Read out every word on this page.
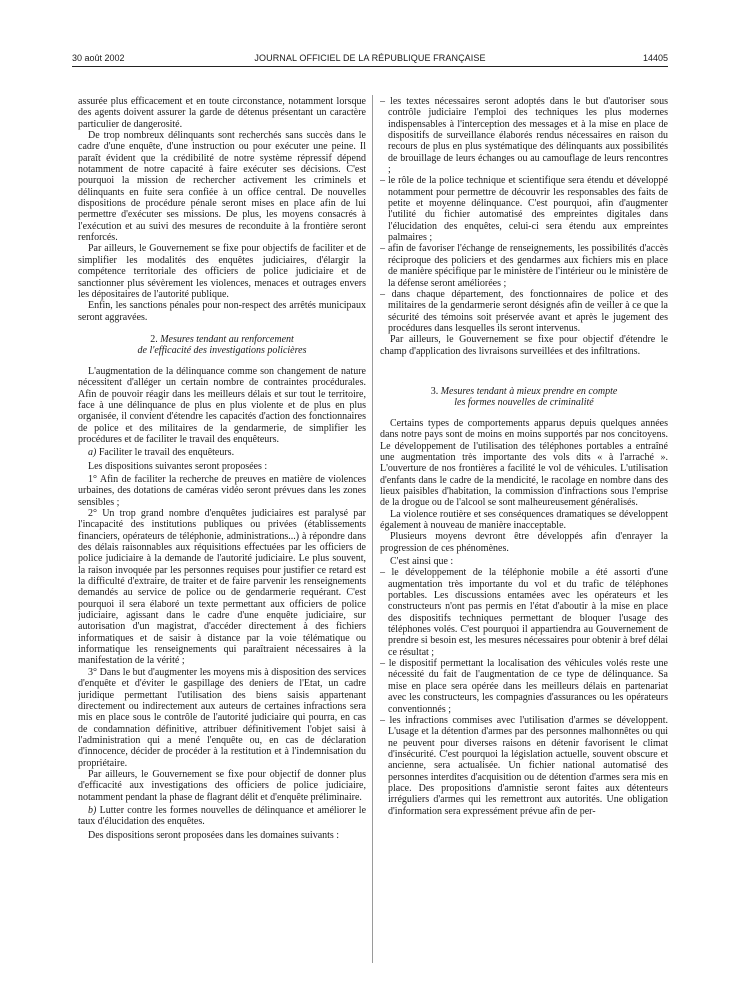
30 août 2002	JOURNAL OFFICIEL DE LA RÉPUBLIQUE FRANÇAISE	14405

assurée plus efficacement et en toute circonstance, notamment lorsque des agents doivent assurer la garde de détenus présentant un caractère particulier de dangerosité.

De trop nombreux délinquants sont recherchés sans succès dans le cadre d'une enquête, d'une instruction ou pour exécuter une peine. Il paraît évident que la crédibilité de notre système répressif dépend notamment de notre capacité à faire exécuter ses décisions. C'est pourquoi la mission de rechercher activement les criminels et délinquants en fuite sera confiée à un office central. De nouvelles dispositions de procédure pénale seront mises en place afin de lui permettre d'exécuter ses missions. De plus, les moyens consacrés à l'exécution et au suivi des mesures de reconduite à la frontière seront renforcés.

Par ailleurs, le Gouvernement se fixe pour objectifs de faciliter et de simplifier les modalités des enquêtes judiciaires, d'élargir la compétence territoriale des officiers de police judiciaire et de sanctionner plus sévèrement les violences, menaces et outrages envers les dépositaires de l'autorité publique.

Enfin, les sanctions pénales pour non-respect des arrêtés municipaux seront aggravées.

2. Mesures tendant au renforcement
de l'efficacité des investigations policières

L'augmentation de la délinquance comme son changement de nature nécessitent d'alléger un certain nombre de contraintes procédurales. Afin de pouvoir réagir dans les meilleurs délais et sur tout le territoire, face à une délinquance de plus en plus violente et de plus en plus organisée, il convient d'étendre les capacités d'action des fonctionnaires de police et des militaires de la gendarmerie, de simplifier les procédures et de faciliter le travail des enquêteurs.

a) Faciliter le travail des enquêteurs.

Les dispositions suivantes seront proposées :

1° Afin de faciliter la recherche de preuves en matière de violences urbaines, des dotations de caméras vidéo seront prévues dans les zones sensibles ;

2° Un trop grand nombre d'enquêtes judiciaires est paralysé par l'incapacité des institutions publiques ou privées (établissements financiers, opérateurs de téléphonie, administrations...) à répondre dans des délais raisonnables aux réquisitions effectuées par les officiers de police judiciaire à la demande de l'autorité judiciaire. Le plus souvent, la raison invoquée par les personnes requises pour justifier ce retard est la difficulté d'extraire, de traiter et de faire parvenir les renseignements demandés au service de police ou de gendarmerie requérant. C'est pourquoi il sera élaboré un texte permettant aux officiers de police judiciaire, agissant dans le cadre d'une enquête judiciaire, sur autorisation d'un magistrat, d'accéder directement à des fichiers informatiques et de saisir à distance par la voie télématique ou informatique les renseignements qui paraîtraient nécessaires à la manifestation de la vérité ;

3° Dans le but d'augmenter les moyens mis à disposition des services d'enquête et d'éviter le gaspillage des deniers de l'Etat, un cadre juridique permettant l'utilisation des biens saisis appartenant directement ou indirectement aux auteurs de certaines infractions sera mis en place sous le contrôle de l'autorité judiciaire qui pourra, en cas de condamnation définitive, attribuer définitivement l'objet saisi à l'administration qui a mené l'enquête ou, en cas de déclaration d'innocence, décider de procéder à la restitution et à l'indemnisation du propriétaire.

Par ailleurs, le Gouvernement se fixe pour objectif de donner plus d'efficacité aux investigations des officiers de police judiciaire, notamment pendant la phase de flagrant délit et d'enquête préliminaire.

b) Lutter contre les formes nouvelles de délinquance et améliorer le taux d'élucidation des enquêtes.

Des dispositions seront proposées dans les domaines suivants :

– les textes nécessaires seront adoptés dans le but d'autoriser sous contrôle judiciaire l'emploi des techniques les plus modernes indispensables à l'interception des messages et à la mise en place de dispositifs de surveillance élaborés rendus nécessaires en raison du recours de plus en plus systématique des délinquants aux possibilités de brouillage de leurs échanges ou au camouflage de leurs rencontres ;

– le rôle de la police technique et scientifique sera étendu et développé notamment pour permettre de découvrir les responsables des faits de petite et moyenne délinquance. C'est pourquoi, afin d'augmenter l'utilité du fichier automatisé des empreintes digitales dans l'élucidation des enquêtes, celui-ci sera étendu aux empreintes palmaires ;

– afin de favoriser l'échange de renseignements, les possibilités d'accès réciproque des policiers et des gendarmes aux fichiers mis en place de manière spécifique par le ministère de l'intérieur ou le ministère de la défense seront améliorées ;

– dans chaque département, des fonctionnaires de police et des militaires de la gendarmerie seront désignés afin de veiller à ce que la sécurité des témoins soit préservée avant et après le jugement des procédures dans lesquelles ils seront intervenus.

Par ailleurs, le Gouvernement se fixe pour objectif d'étendre le champ d'application des livraisons surveillées et des infiltrations.

3. Mesures tendant à mieux prendre en compte
les formes nouvelles de criminalité

Certains types de comportements apparus depuis quelques années dans notre pays sont de moins en moins supportés par nos concitoyens. Le développement de l'utilisation des téléphones portables a entraîné une augmentation très importante des vols dits « à l'arraché ». L'ouverture de nos frontières a facilité le vol de véhicules. L'utilisation d'enfants dans le cadre de la mendicité, le racolage en nombre dans des lieux paisibles d'habitation, la commission d'infractions sous l'emprise de la drogue ou de l'alcool se sont malheureusement généralisés.

La violence routière et ses conséquences dramatiques se développent également à nouveau de manière inacceptable.

Plusieurs moyens devront être développés afin d'enrayer la progression de ces phénomènes.

C'est ainsi que :

– le développement de la téléphonie mobile a été assorti d'une augmentation très importante du vol et du trafic de téléphones portables. Les discussions entamées avec les opérateurs et les constructeurs n'ont pas permis en l'état d'aboutir à la mise en place des dispositifs techniques permettant de bloquer l'usage des téléphones volés. C'est pourquoi il appartiendra au Gouvernement de prendre si besoin est, les mesures nécessaires pour obtenir à bref délai ce résultat ;

– le dispositif permettant la localisation des véhicules volés reste une nécessité du fait de l'augmentation de ce type de délinquance. Sa mise en place sera opérée dans les meilleurs délais en partenariat avec les constructeurs, les compagnies d'assurances ou les opérateurs conventionnés ;

– les infractions commises avec l'utilisation d'armes se développent. L'usage et la détention d'armes par des personnes malhonnêtes ou qui ne peuvent pour diverses raisons en détenir favorisent le climat d'insécurité. C'est pourquoi la législation actuelle, souvent obscure et ancienne, sera actualisée. Un fichier national automatisé des personnes interdites d'acquisition ou de détention d'armes sera mis en place. Des propositions d'amnistie seront faites aux détenteurs irréguliers d'armes qui les remettront aux autorités. Une obligation d'information sera expressément prévue afin de per-
